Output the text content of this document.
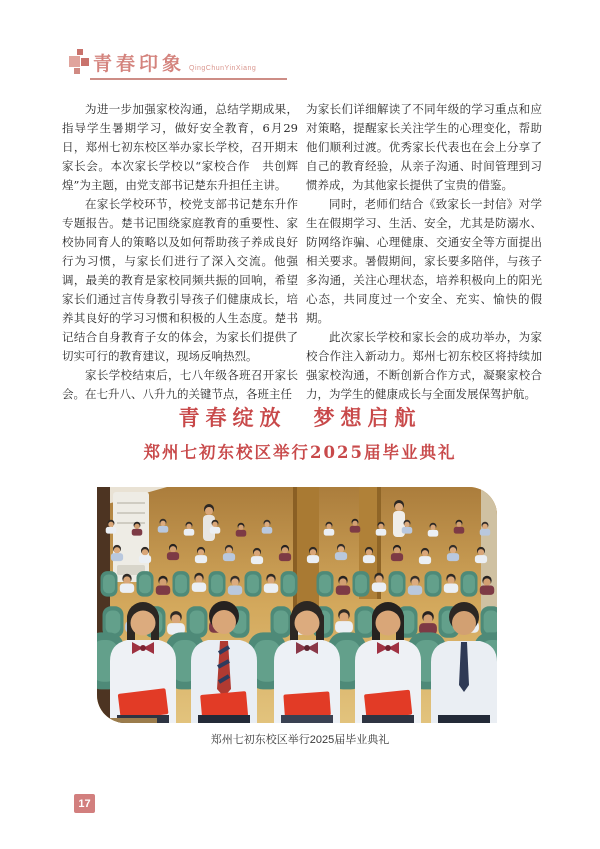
青春印象 QingChunYinXiang

为进一步加强家校沟通，总结学期成果，指导学生暑期学习，做好安全教育，6月29日，郑州七初东校区举办家长学校，召开期末家长会。本次家长学校以“家校合作　共创辉煌”为主题，由党支部书记楚东升担任主讲。

在家长学校环节，校党支部书记楚东升作专题报告。楚书记围绕家庭教育的重要性、家校协同育人的策略以及如何帮助孩子养成良好行为习惯，与家长们进行了深入交流。他强调，最美的教育是家校同频共振的回响，希望家长们通过言传身教引导孩子们健康成长，培养其良好的学习习惯和积极的人生态度。楚书记结合自身教育子女的体会，为家长们提供了切实可行的教育建议，现场反响热烈。

家长学校结束后，七八年级各班召开家长会。在七升八、八升九的关键节点，各班主任

为家长们详细解读了不同年级的学习重点和应对策略，提醒家长关注学生的心理变化，帮助他们顺利过渡。优秀家长代表也在会上分享了自己的教育经验，从亲子沟通、时间管理到习惯养成，为其他家长提供了宝贵的借鉴。

同时，老师们结合《致家长一封信》对学生在假期学习、生活、安全，尤其是防溺水、防网络诈骗、心理健康、交通安全等方面提出相关要求。暑假期间，家长要多陪伴，与孩子多沟通，关注心理状态，培养积极向上的阳光心态，共同度过一个安全、充实、愉快的假期。

此次家长学校和家长会的成功举办，为家校合作注入新动力。郑州七初东校区将持续加强家校沟通，不断创新合作方式，凝聚家校合力，为学生的健康成长与全面发展保驾护航。

青春绽放　梦想启航
郑州七初东校区举行2025届毕业典礼
郑州七初东校区举行2025届毕业典礼
17
